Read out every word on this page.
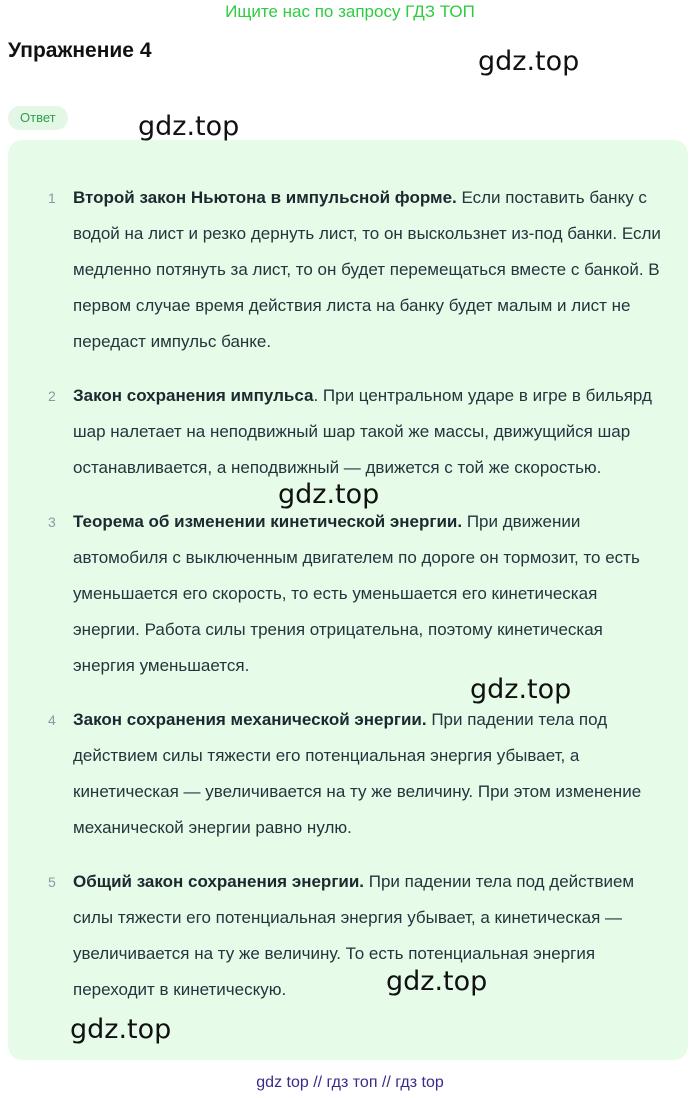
Ищите нас по запросу ГДЗ ТОП
Упражнение 4
Ответ
1 Второй закон Ньютона в импульсной форме. Если поставить банку с водой на лист и резко дернуть лист, то он выскользнет из-под банки. Если медленно потянуть за лист, то он будет перемещаться вместе с банкой. В первом случае время действия листа на банку будет малым и лист не передаст импульс банке.
2 Закон сохранения импульса. При центральном ударе в игре в бильярд шар налетает на неподвижный шар такой же массы, движущийся шар останавливается, а неподвижный — движется с той же скоростью.
3 Теорема об изменении кинетической энергии. При движении автомобиля с выключенным двигателем по дороге он тормозит, то есть уменьшается его скорость, то есть уменьшается его кинетическая энергии. Работа силы трения отрицательна, поэтому кинетическая энергия уменьшается.
4 Закон сохранения механической энергии. При падении тела под действием силы тяжести его потенциальная энергия убывает, а кинетическая — увеличивается на ту же величину. При этом изменение механической энергии равно нулю.
5 Общий закон сохранения энергии. При падении тела под действием силы тяжести его потенциальная энергия убывает, а кинетическая — увеличивается на ту же величину. То есть потенциальная энергия переходит в кинетическую.
gdz.top
gdz.top
gdz.top
gdz.top
gdz.top
gdz.top
gdz top // гдз топ // гдз top
